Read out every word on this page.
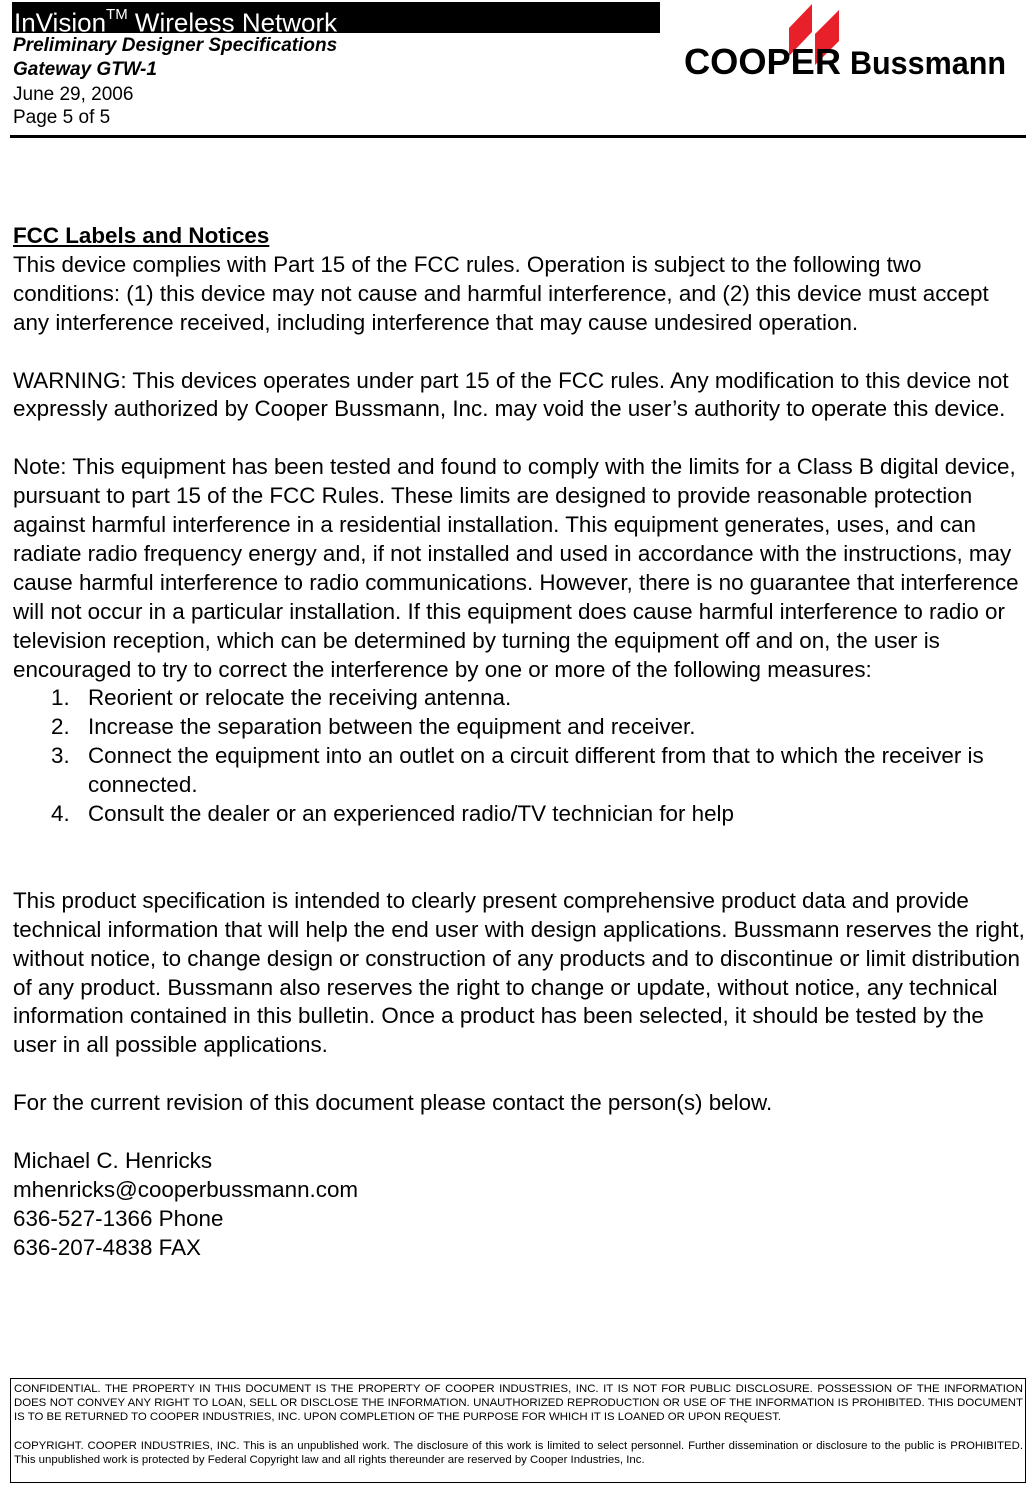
InVision™ Wireless Network
Preliminary Designer Specifications
Gateway GTW-1
June 29, 2006
Page 5 of 5
COOPER Bussmann

FCC Labels and Notices

This device complies with Part 15 of the FCC rules. Operation is subject to the following two conditions: (1) this device may not cause and harmful interference, and (2) this device must accept any interference received, including interference that may cause undesired operation.

WARNING: This devices operates under part 15 of the FCC rules. Any modification to this device not expressly authorized by Cooper Bussmann, Inc. may void the user’s authority to operate this device.

Note: This equipment has been tested and found to comply with the limits for a Class B digital device, pursuant to part 15 of the FCC Rules. These limits are designed to provide reasonable protection against harmful interference in a residential installation. This equipment generates, uses, and can radiate radio frequency energy and, if not installed and used in accordance with the instructions, may cause harmful interference to radio communications. However, there is no guarantee that interference will not occur in a particular installation. If this equipment does cause harmful interference to radio or television reception, which can be determined by turning the equipment off and on, the user is encouraged to try to correct the interference by one or more of the following measures:

1. Reorient or relocate the receiving antenna.
2. Increase the separation between the equipment and receiver.
3. Connect the equipment into an outlet on a circuit different from that to which the receiver is connected.
4. Consult the dealer or an experienced radio/TV technician for help

This product specification is intended to clearly present comprehensive product data and provide technical information that will help the end user with design applications. Bussmann reserves the right, without notice, to change design or construction of any products and to discontinue or limit distribution of any product. Bussmann also reserves the right to change or update, without notice, any technical information contained in this bulletin. Once a product has been selected, it should be tested by the user in all possible applications.

For the current revision of this document please contact the person(s) below.

Michael C. Henricks

mhenricks@cooperbussmann.com

636-527-1366 Phone

636-207-4838 FAX

CONFIDENTIAL. THE PROPERTY IN THIS DOCUMENT IS THE PROPERTY OF COOPER INDUSTRIES, INC. IT IS NOT FOR PUBLIC DISCLOSURE. POSSESSION OF THE INFORMATION DOES NOT CONVEY ANY RIGHT TO LOAN, SELL OR DISCLOSE THE INFORMATION. UNAUTHORIZED REPRODUCTION OR USE OF THE INFORMATION IS PROHIBITED. THIS DOCUMENT IS TO BE RETURNED TO COOPER INDUSTRIES, INC. UPON COMPLETION OF THE PURPOSE FOR WHICH IT IS LOANED OR UPON REQUEST.

COPYRIGHT. COOPER INDUSTRIES, INC. This is an unpublished work. The disclosure of this work is limited to select personnel. Further dissemination or disclosure to the public is PROHIBITED. This unpublished work is protected by Federal Copyright law and all rights thereunder are reserved by Cooper Industries, Inc.
